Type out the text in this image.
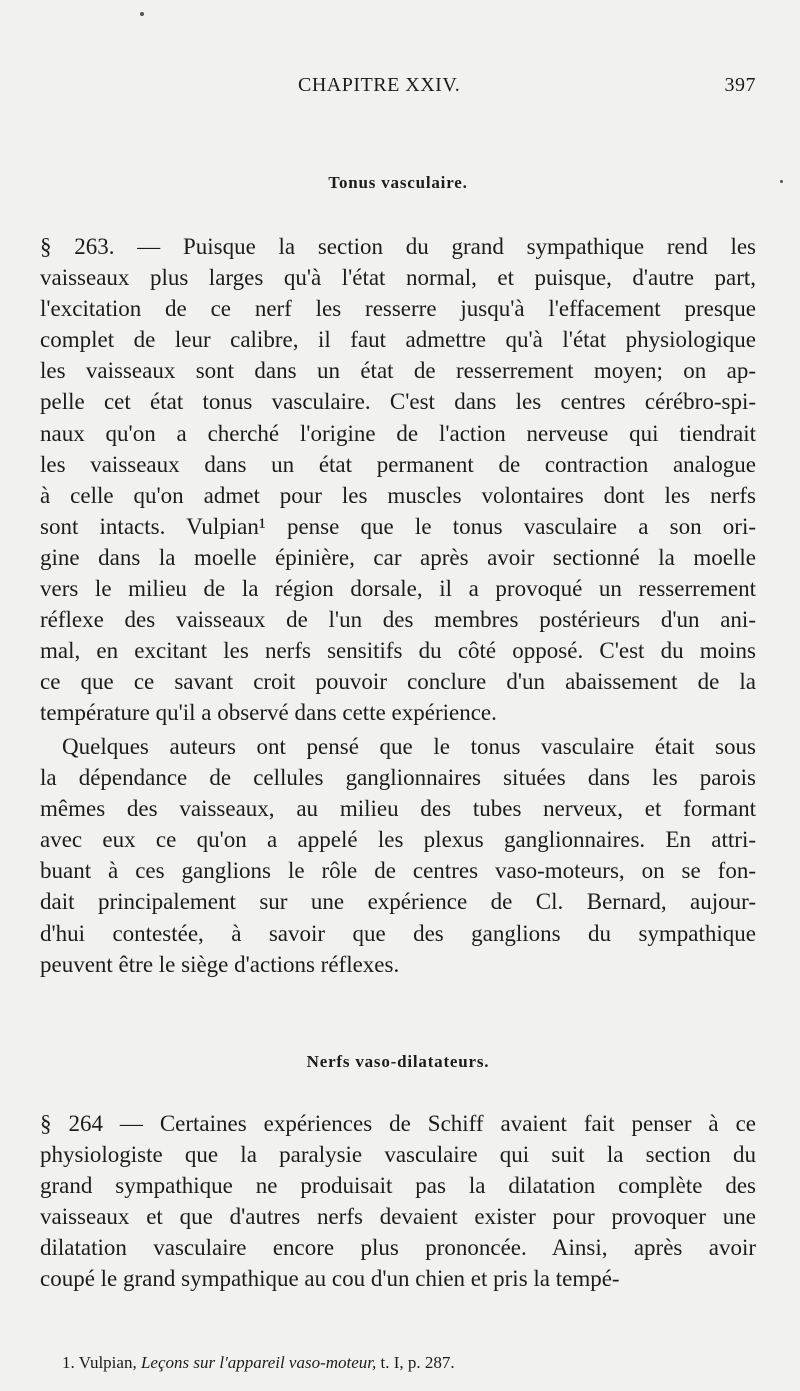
CHAPITRE XXIV.	397
Tonus vasculaire.
§ 263. — Puisque la section du grand sympathique rend les
vaisseaux plus larges qu'à l'état normal, et puisque, d'autre part,
l'excitation de ce nerf les resserre jusqu'à l'effacement presque
complet de leur calibre, il faut admettre qu'à l'état physiologique
les vaisseaux sont dans un état de resserrement moyen; on ap-
pelle cet état tonus vasculaire. C'est dans les centres cérébro-spi-
naux qu'on a cherché l'origine de l'action nerveuse qui tiendrait
les vaisseaux dans un état permanent de contraction analogue
à celle qu'on admet pour les muscles volontaires dont les nerfs
sont intacts. Vulpian¹ pense que le tonus vasculaire a son ori-
gine dans la moelle épinière, car après avoir sectionné la moelle
vers le milieu de la région dorsale, il a provoqué un resserrement
réflexe des vaisseaux de l'un des membres postérieurs d'un ani-
mal, en excitant les nerfs sensitifs du côté opposé. C'est du moins
ce que ce savant croit pouvoir conclure d'un abaissement de la
température qu'il a observé dans cette expérience.
Quelques auteurs ont pensé que le tonus vasculaire était sous
la dépendance de cellules ganglionnaires situées dans les parois
mêmes des vaisseaux, au milieu des tubes nerveux, et formant
avec eux ce qu'on a appelé les plexus ganglionnaires. En attri-
buant à ces ganglions le rôle de centres vaso-moteurs, on se fon-
dait principalement sur une expérience de Cl. Bernard, aujour-
d'hui contestée, à savoir que des ganglions du sympathique
peuvent être le siège d'actions réflexes.
Nerfs vaso-dilatateurs.
§ 264 — Certaines expériences de Schiff avaient fait penser à ce
physiologiste que la paralysie vasculaire qui suit la section du
grand sympathique ne produisait pas la dilatation complète des
vaisseaux et que d'autres nerfs devaient exister pour provoquer une
dilatation vasculaire encore plus prononcée. Ainsi, après avoir
coupé le grand sympathique au cou d'un chien et pris la tempé-
1. Vulpian, Leçons sur l'appareil vaso-moteur, t. I, p. 287.
